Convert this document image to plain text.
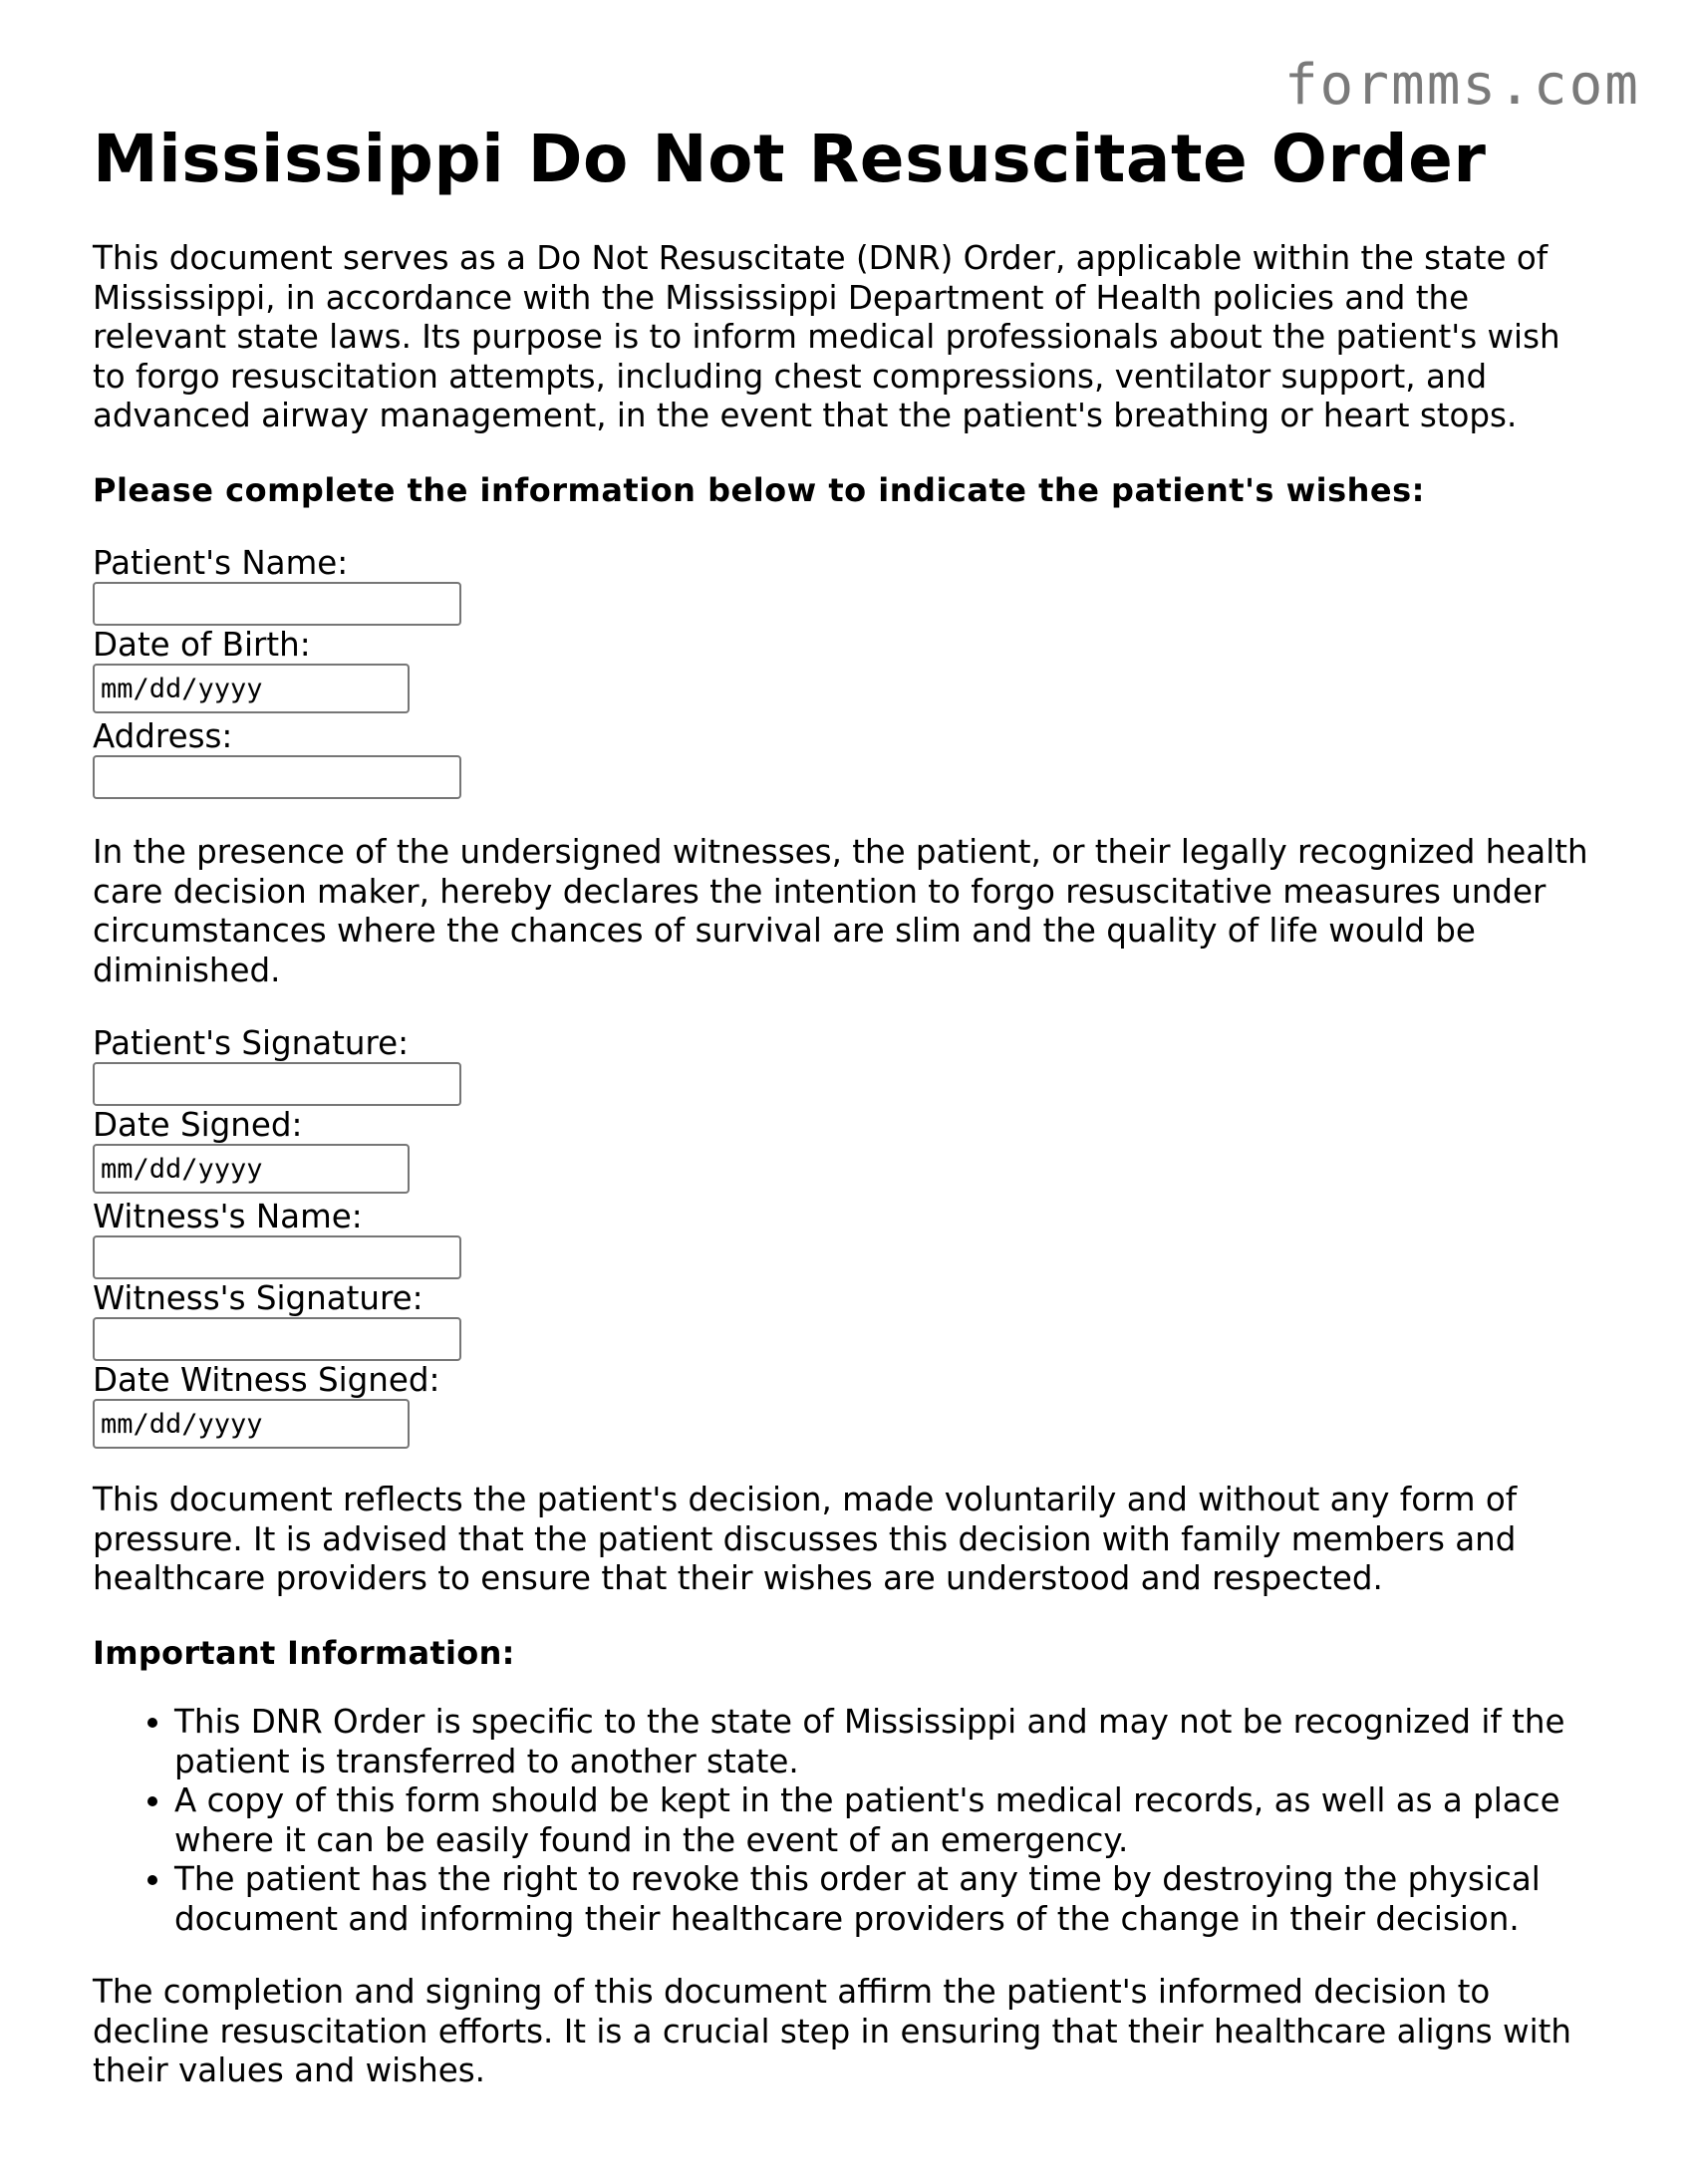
formms.com
Mississippi Do Not Resuscitate Order

This document serves as a Do Not Resuscitate (DNR) Order, applicable within the state of Mississippi, in accordance with the Mississippi Department of Health policies and the relevant state laws. Its purpose is to inform medical professionals about the patient's wish to forgo resuscitation attempts, including chest compressions, ventilator support, and advanced airway management, in the event that the patient's breathing or heart stops.

Please complete the information below to indicate the patient's wishes:

Patient's Name:
Date of Birth:
mm/dd/yyyy
Address:

In the presence of the undersigned witnesses, the patient, or their legally recognized health care decision maker, hereby declares the intention to forgo resuscitative measures under circumstances where the chances of survival are slim and the quality of life would be diminished.

Patient's Signature:
Date Signed:
mm/dd/yyyy
Witness's Name:
Witness's Signature:
Date Witness Signed:
mm/dd/yyyy

This document reflects the patient's decision, made voluntarily and without any form of pressure. It is advised that the patient discusses this decision with family members and healthcare providers to ensure that their wishes are understood and respected.

Important Information:

• This DNR Order is specific to the state of Mississippi and may not be recognized if the patient is transferred to another state.
• A copy of this form should be kept in the patient's medical records, as well as a place where it can be easily found in the event of an emergency.
• The patient has the right to revoke this order at any time by destroying the physical document and informing their healthcare providers of the change in their decision.

The completion and signing of this document affirm the patient's informed decision to decline resuscitation efforts. It is a crucial step in ensuring that their healthcare aligns with their values and wishes.
